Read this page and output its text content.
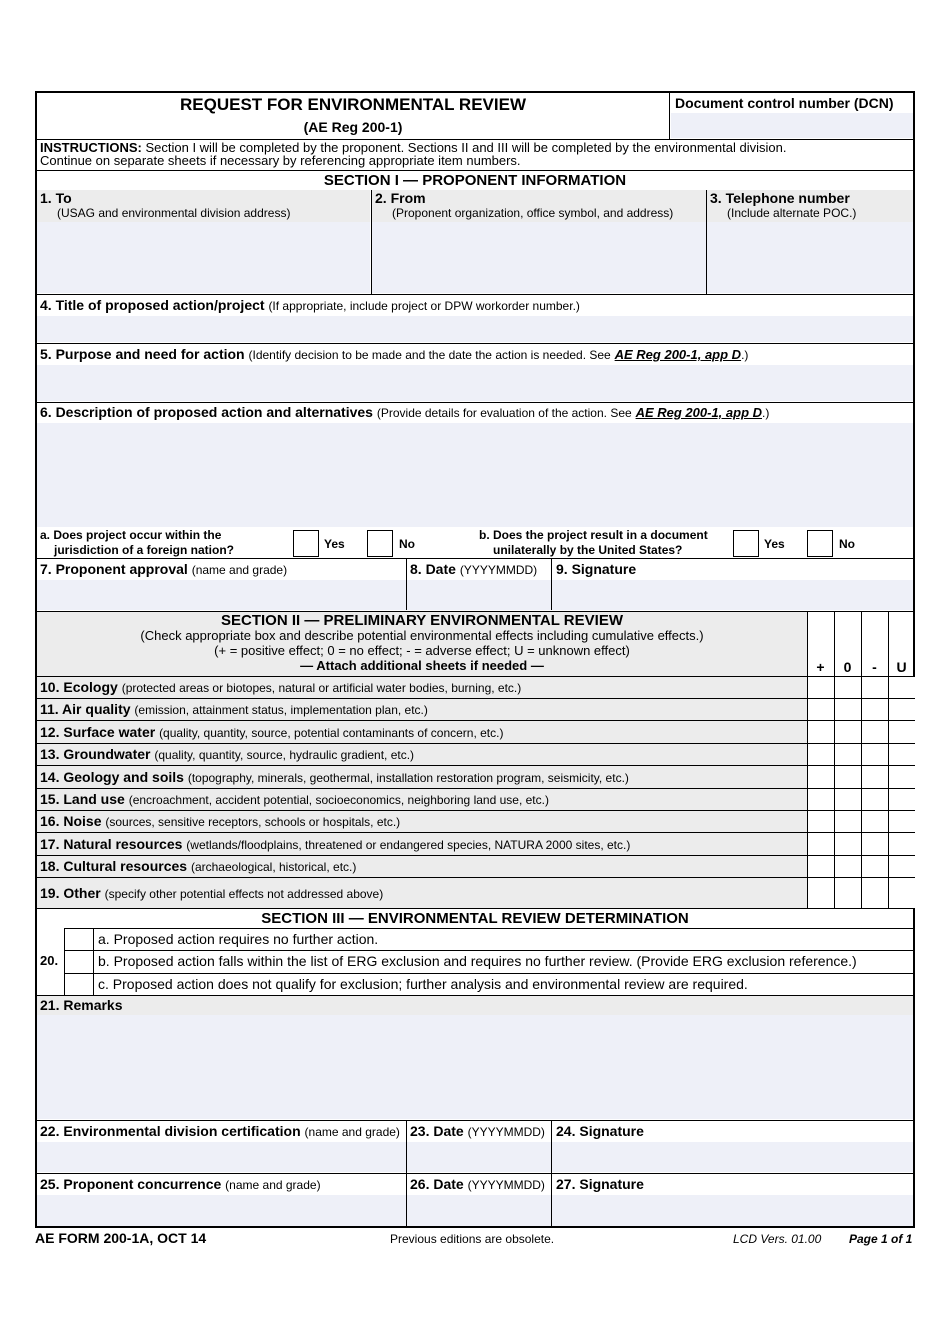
REQUEST FOR ENVIRONMENTAL REVIEW
(AE Reg 200-1)
Document control number (DCN)
INSTRUCTIONS: Section I will be completed by the proponent. Sections II and III will be completed by the environmental division.
Continue on separate sheets if necessary by referencing appropriate item numbers.
SECTION I — PROPONENT INFORMATION
1. To
(USAG and environmental division address)
2. From
(Proponent organization, office symbol, and address)
3. Telephone number
(Include alternate POC.)
4. Title of proposed action/project (If appropriate, include project or DPW workorder number.)
5. Purpose and need for action (Identify decision to be made and the date the action is needed. See AE Reg 200-1, app D.)
6. Description of proposed action and alternatives (Provide details for evaluation of the action. See AE Reg 200-1, app D.)
a. Does project occur within the
jurisdiction of a foreign nation?	Yes	No
b. Does the project result in a document
unilaterally by the United States?	Yes	No
7. Proponent approval (name and grade)	8. Date (YYYYMMDD) 9. Signature
SECTION II — PRELIMINARY ENVIRONMENTAL REVIEW
(Check appropriate box and describe potential environmental effects including cumulative effects.)
(+ = positive effect; 0 = no effect; - = adverse effect; U = unknown effect)
— Attach additional sheets if needed —	+	0	-	U
10. Ecology (protected areas or biotopes, natural or artificial water bodies, burning, etc.)
11. Air quality (emission, attainment status, implementation plan, etc.)
12. Surface water (quality, quantity, source, potential contaminants of concern, etc.)
13. Groundwater (quality, quantity, source, hydraulic gradient, etc.)
14. Geology and soils (topography, minerals, geothermal, installation restoration program, seismicity, etc.)
15. Land use (encroachment, accident potential, socioeconomics, neighboring land use, etc.)
16. Noise (sources, sensitive receptors, schools or hospitals, etc.)
17. Natural resources (wetlands/floodplains, threatened or endangered species, NATURA 2000 sites, etc.)
18. Cultural resources (archaeological, historical, etc.)
19. Other (specify other potential effects not addressed above)
SECTION III — ENVIRONMENTAL REVIEW DETERMINATION
20.
a. Proposed action requires no further action.
b. Proposed action falls within the list of ERG exclusion and requires no further review. (Provide ERG exclusion reference.)
c. Proposed action does not qualify for exclusion; further analysis and environmental review are required.
21. Remarks
22. Environmental division certification (name and grade) 23. Date (YYYYMMDD) 24. Signature
25. Proponent concurrence (name and grade)	26. Date (YYYYMMDD) 27. Signature
AE FORM 200-1A, OCT 14	Previous editions are obsolete.	LCD Vers. 01.00 Page 1 of 1
